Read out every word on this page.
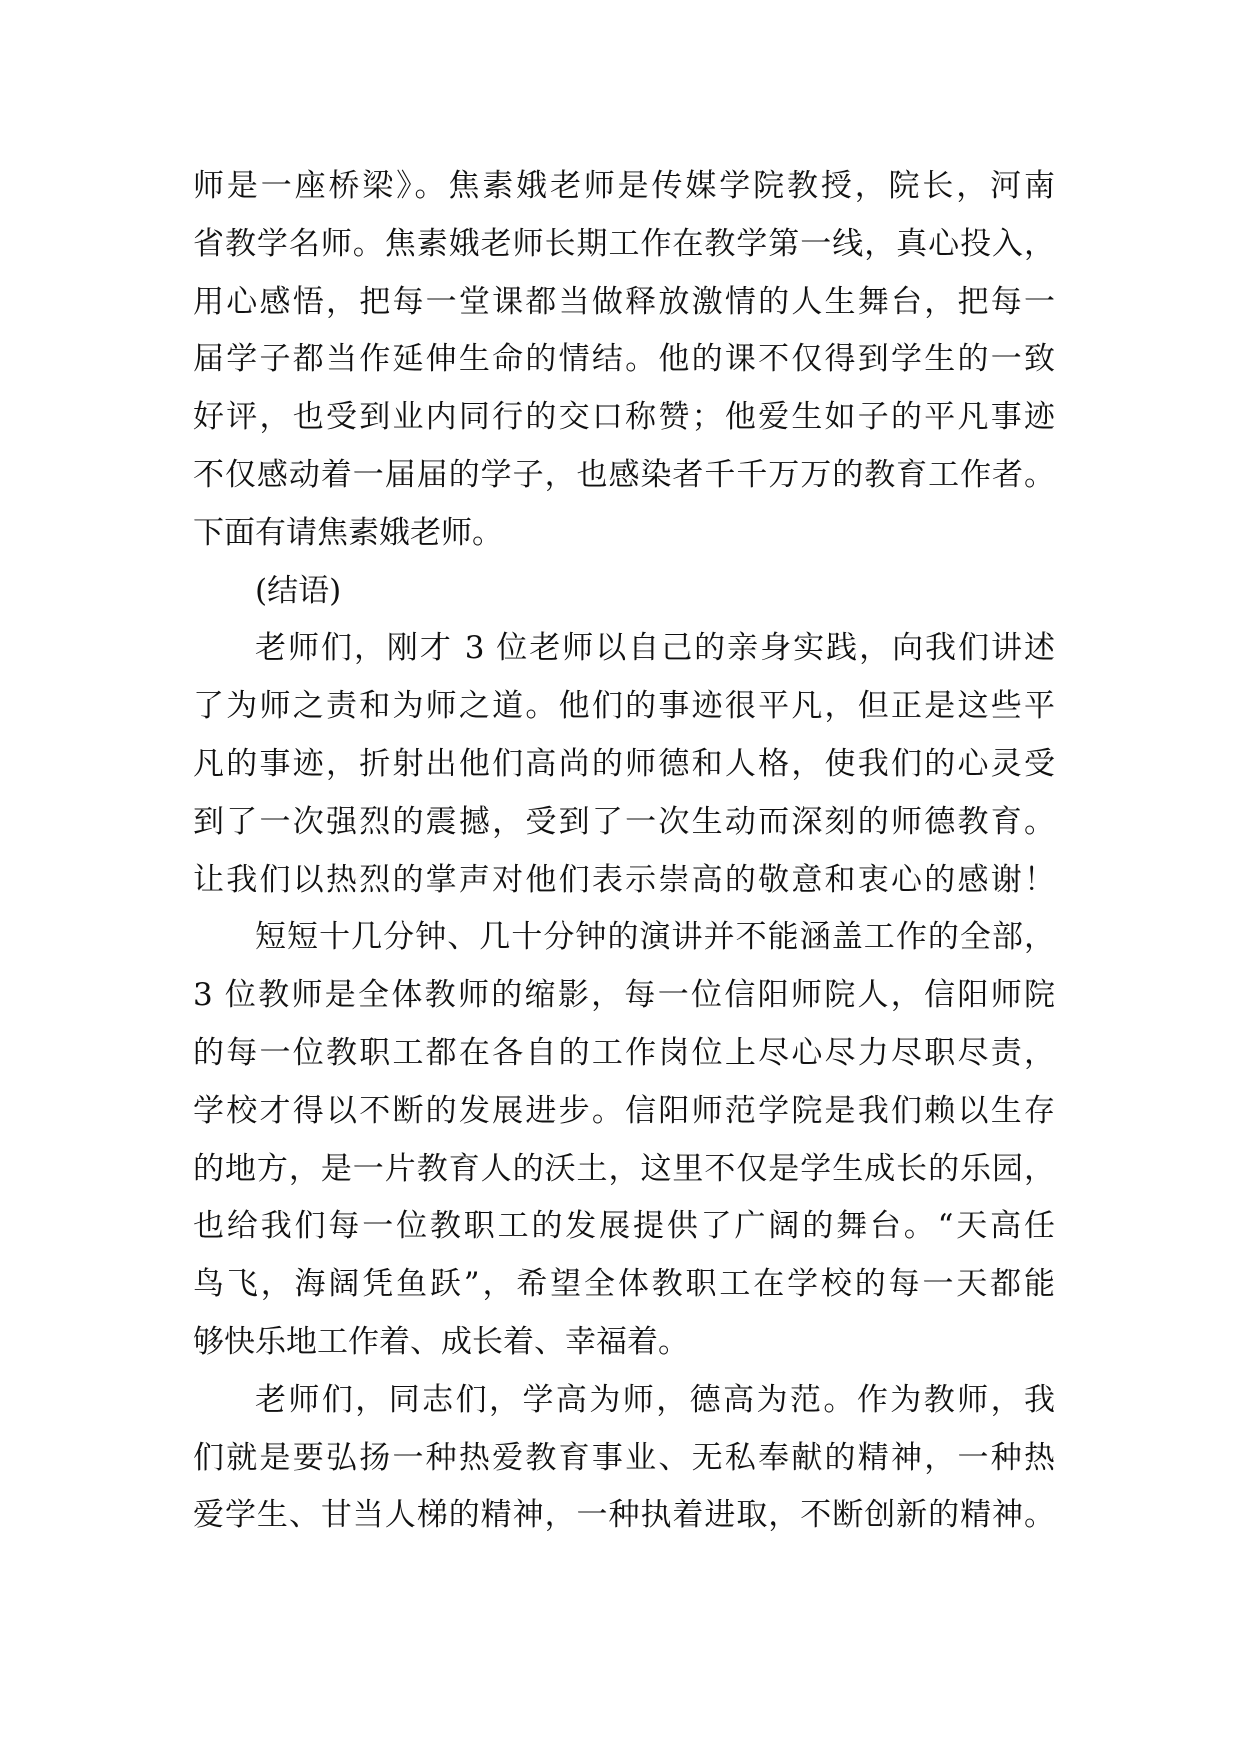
师是一座桥梁》。焦素娥老师是传媒学院教授，院长，河南
省教学名师。焦素娥老师长期工作在教学第一线，真心投入，
用心感悟，把每一堂课都当做释放激情的人生舞台，把每一
届学子都当作延伸生命的情结。他的课不仅得到学生的一致
好评，也受到业内同行的交口称赞；他爱生如子的平凡事迹
不仅感动着一届届的学子，也感染者千千万万的教育工作者。
下面有请焦素娥老师。
(结语)
老师们，刚才 3 位老师以自己的亲身实践，向我们讲述
了为师之责和为师之道。他们的事迹很平凡，但正是这些平
凡的事迹，折射出他们高尚的师德和人格，使我们的心灵受
到了一次强烈的震撼，受到了一次生动而深刻的师德教育。
让我们以热烈的掌声对他们表示崇高的敬意和衷心的感谢！
短短十几分钟、几十分钟的演讲并不能涵盖工作的全部，
3 位教师是全体教师的缩影，每一位信阳师院人，信阳师院
的每一位教职工都在各自的工作岗位上尽心尽力尽职尽责，
学校才得以不断的发展进步。信阳师范学院是我们赖以生存
的地方，是一片教育人的沃土，这里不仅是学生成长的乐园，
也给我们每一位教职工的发展提供了广阔的舞台。“天高任
鸟飞，海阔凭鱼跃”，希望全体教职工在学校的每一天都能
够快乐地工作着、成长着、幸福着。
老师们，同志们，学高为师，德高为范。作为教师，我
们就是要弘扬一种热爱教育事业、无私奉献的精神，一种热
爱学生、甘当人梯的精神，一种执着进取，不断创新的精神。
